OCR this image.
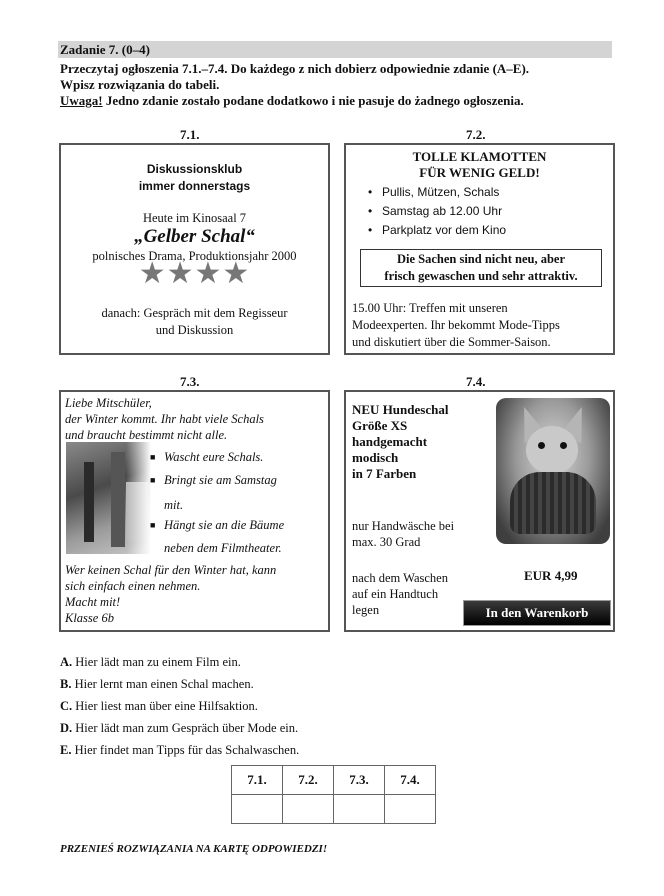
Zadanie 7. (0–4)
Przeczytaj ogłoszenia 7.1.–7.4. Do każdego z nich dobierz odpowiednie zdanie (A–E).
Wpisz rozwiązania do tabeli.
Uwaga! Jedno zdanie zostało podane dodatkowo i nie pasuje do żadnego ogłoszenia.
7.1.
Diskussionsklub
immer donnerstags
Heute im Kinosaal 7
„Gelber Schal“
polnisches Drama, Produktionsjahr 2000
★★★★
danach: Gespräch mit dem Regisseur
und Diskussion
7.2.
TOLLE KLAMOTTEN
FÜR WENIG GELD!
• Pullis, Mützen, Schals
• Samstag ab 12.00 Uhr
• Parkplatz vor dem Kino
Die Sachen sind nicht neu, aber
frisch gewaschen und sehr attraktiv.
15.00 Uhr: Treffen mit unseren
Modeexperten. Ihr bekommt Mode-Tipps
und diskutiert über die Sommer-Saison.
7.3.
Liebe Mitschüler,
der Winter kommt. Ihr habt viele Schals
und braucht bestimmt nicht alle.
■ Wascht eure Schals.
■ Bringt sie am Samstag
mit.
■ Hängt sie an die Bäume
neben dem Filmtheater.
Wer keinen Schal für den Winter hat, kann
sich einfach einen nehmen.
Macht mit!
Klasse 6b
7.4.
NEU Hundeschal
Größe XS
handgemacht
modisch
in 7 Farben
nur Handwäsche bei
max. 30 Grad
nach dem Waschen
auf ein Handtuch
legen
EUR 4,99
In den Warenkorb
A. Hier lädt man zu einem Film ein.
B. Hier lernt man einen Schal machen.
C. Hier liest man über eine Hilfsaktion.
D. Hier lädt man zum Gespräch über Mode ein.
E. Hier findet man Tipps für das Schalwaschen.
7.1.	7.2.	7.3.	7.4.

PRZENIEŚ ROZWIĄZANIA NA KARTĘ ODPOWIEDZI!
